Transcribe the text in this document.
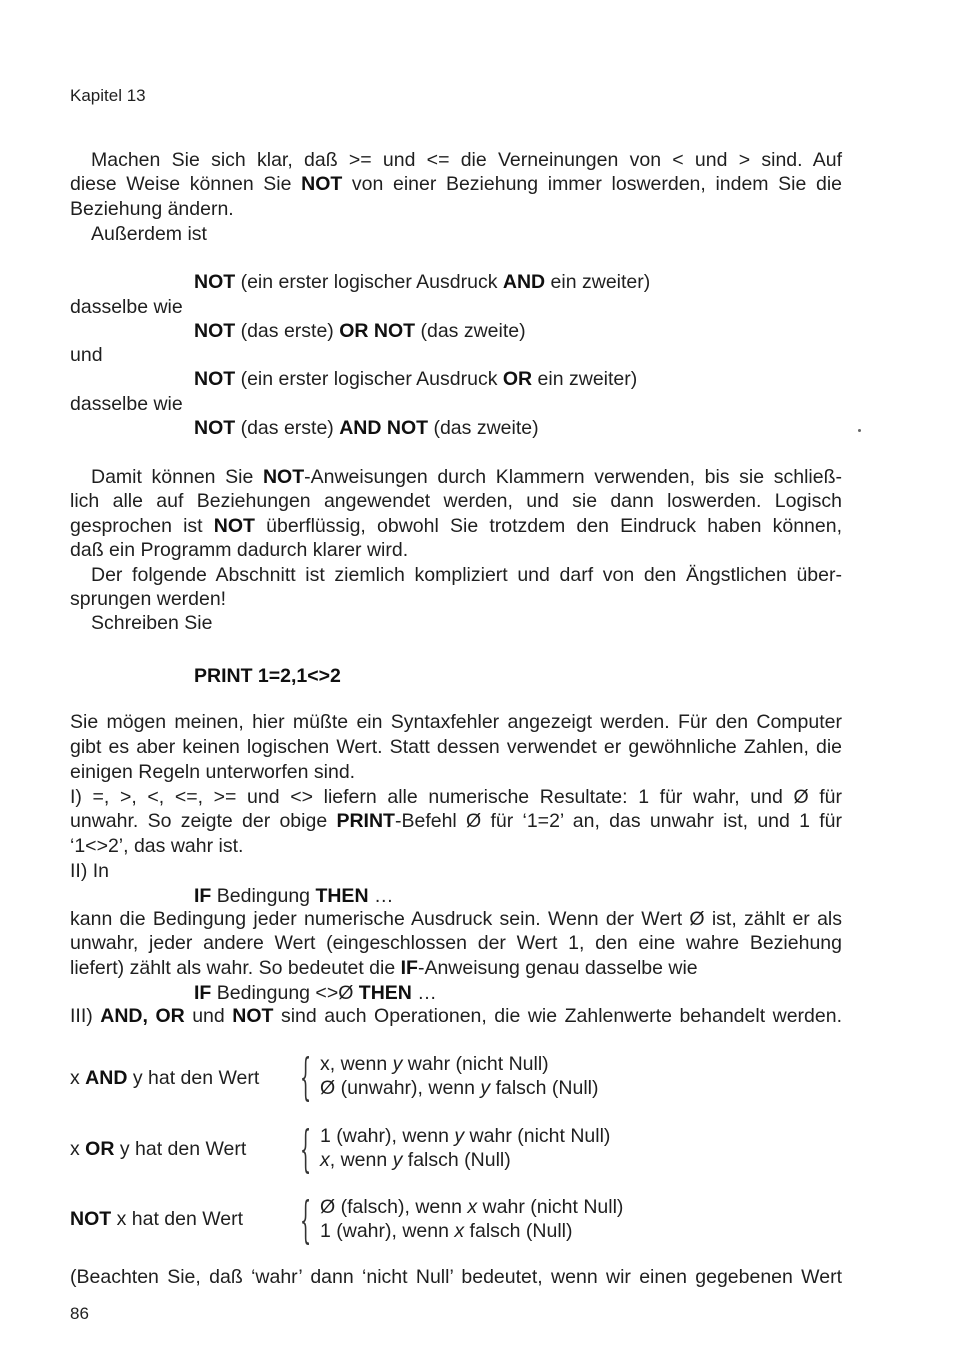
Kapitel 13
Machen Sie sich klar, daß >= und <= die Verneinungen von < und > sind. Auf
diese Weise können Sie NOT von einer Beziehung immer loswerden, indem Sie die
Beziehung ändern.
Außerdem ist
NOT (ein erster logischer Ausdruck AND ein zweiter)
dasselbe wie
NOT (das erste) OR NOT (das zweite)
und
NOT (ein erster logischer Ausdruck OR ein zweiter)
dasselbe wie
NOT (das erste) AND NOT (das zweite)
Damit können Sie NOT-Anweisungen durch Klammern verwenden, bis sie schließ-
lich alle auf Beziehungen angewendet werden, und sie dann loswerden. Logisch
gesprochen ist NOT überflüssig, obwohl Sie trotzdem den Eindruck haben können,
daß ein Programm dadurch klarer wird.
Der folgende Abschnitt ist ziemlich kompliziert und darf von den Ängstlichen über-
sprungen werden!
Schreiben Sie
PRINT 1=2,1<>2
Sie mögen meinen, hier müßte ein Syntaxfehler angezeigt werden. Für den Computer
gibt es aber keinen logischen Wert. Statt dessen verwendet er gewöhnliche Zahlen, die
einigen Regeln unterworfen sind.
I) =, >, <, <=, >= und <> liefern alle numerische Resultate: 1 für wahr, und Ø für
unwahr. So zeigte der obige PRINT-Befehl Ø für ‘1=2’ an, das unwahr ist, und 1 für
‘1<>2’, das wahr ist.
II) In
IF Bedingung THEN …
kann die Bedingung jeder numerische Ausdruck sein. Wenn der Wert Ø ist, zählt er als
unwahr, jeder andere Wert (eingeschlossen der Wert 1, den eine wahre Beziehung
liefert) zählt als wahr. So bedeutet die IF-Anweisung genau dasselbe wie
IF Bedingung <>Ø THEN …
III) AND, OR und NOT sind auch Operationen, die wie Zahlenwerte behandelt werden.
x AND y hat den Wert { x, wenn y wahr (nicht Null)
Ø (unwahr), wenn y falsch (Null)
x OR y hat den Wert { 1 (wahr), wenn y wahr (nicht Null)
x, wenn y falsch (Null)
NOT x hat den Wert { Ø (falsch), wenn x wahr (nicht Null)
1 (wahr), wenn x falsch (Null)
(Beachten Sie, daß ‘wahr’ dann ‘nicht Null’ bedeutet, wenn wir einen gegebenen Wert
86
